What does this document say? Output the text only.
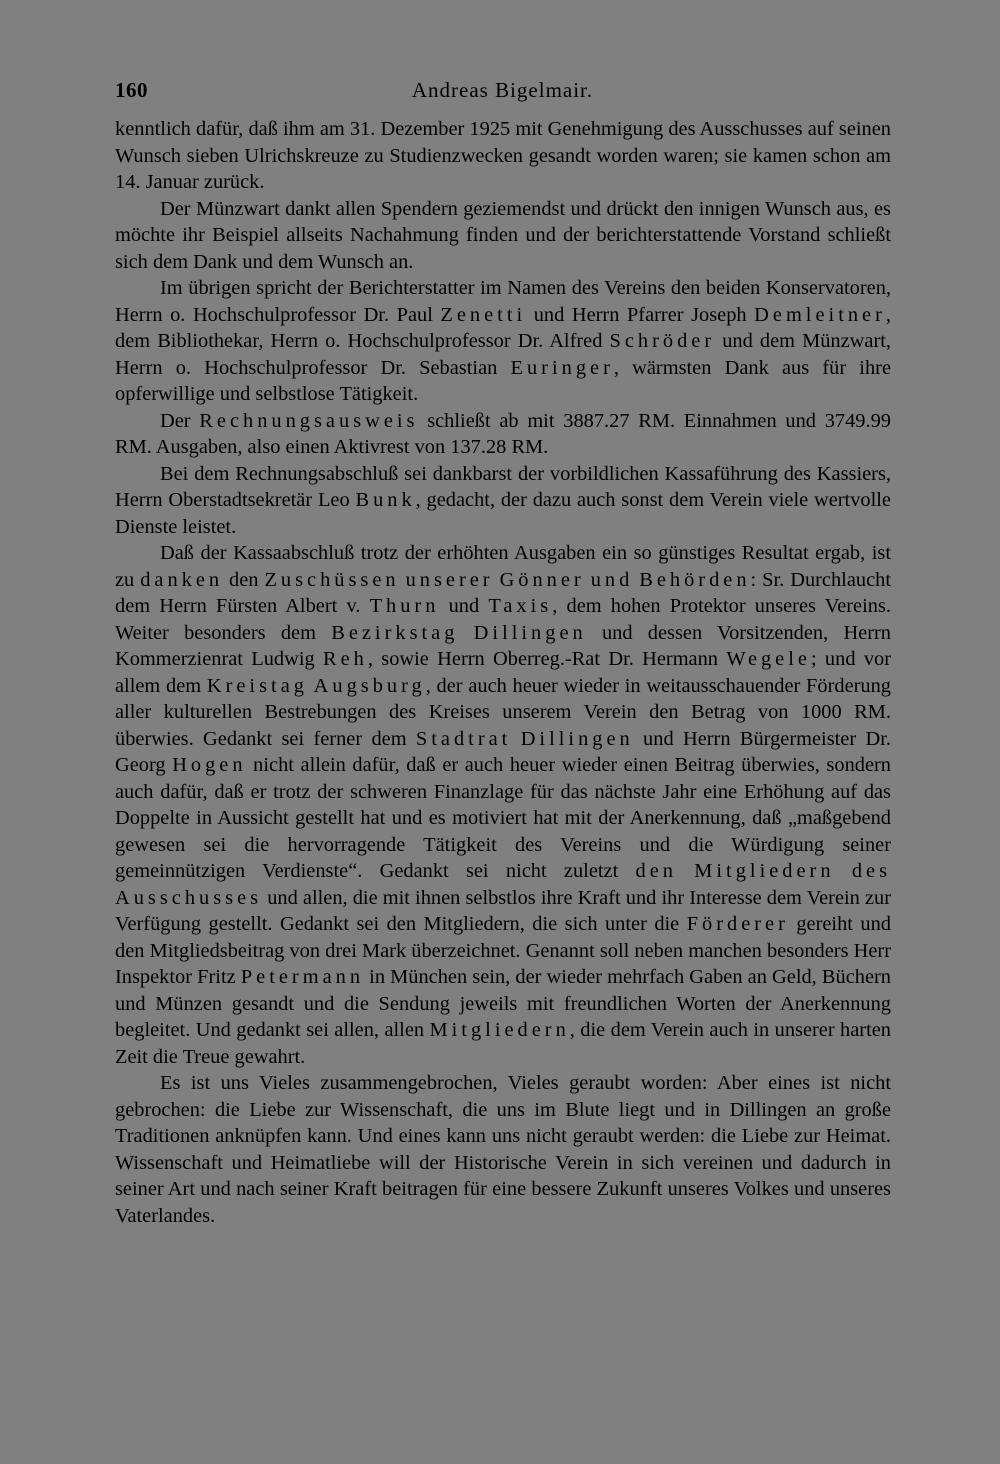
160	Andreas Bigelmair.

kenntlich dafür, daß ihm am 31. Dezember 1925 mit Genehmigung des Ausschusses auf seinen Wunsch sieben Ulrichskreuze zu Studienzwecken gesandt worden waren; sie kamen schon am 14. Januar zurück.

Der Münzwart dankt allen Spendern geziemendst und drückt den innigen Wunsch aus, es möchte ihr Beispiel allseits Nachahmung finden und der berichterstattende Vorstand schließt sich dem Dank und dem Wunsch an.

Im übrigen spricht der Berichterstatter im Namen des Vereins den beiden Konservatoren, Herrn o. Hochschulprofessor Dr. Paul Zenetti und Herrn Pfarrer Joseph Demleitner, dem Bibliothekar, Herrn o. Hochschulprofessor Dr. Alfred Schröder und dem Münzwart, Herrn o. Hochschulprofessor Dr. Sebastian Euringer, wärmsten Dank aus für ihre opferwillige und selbstlose Tätigkeit.

Der Rechnungsausweis schließt ab mit 3887.27 RM. Einnahmen und 3749.99 RM. Ausgaben, also einen Aktivrest von 137.28 RM.

Bei dem Rechnungsabschluß sei dankbarst der vorbildlichen Kassaführung des Kassiers, Herrn Oberstadtsekretär Leo Bunk, gedacht, der dazu auch sonst dem Verein viele wertvolle Dienste leistet.

Daß der Kassaabschluß trotz der erhöhten Ausgaben ein so günstiges Resultat ergab, ist zu danken den Zuschüssen unserer Gönner und Behörden: Sr. Durchlaucht dem Herrn Fürsten Albert v. Thurn und Taxis, dem hohen Protektor unseres Vereins. Weiter besonders dem Bezirkstag Dillingen und dessen Vorsitzenden, Herrn Kommerzienrat Ludwig Reh, sowie Herrn Oberreg.-Rat Dr. Hermann Wegele; und vor allem dem Kreistag Augsburg, der auch heuer wieder in weitausschauender Förderung aller kulturellen Bestrebungen des Kreises unserem Verein den Betrag von 1000 RM. überwies. Gedankt sei ferner dem Stadtrat Dillingen und Herrn Bürgermeister Dr. Georg Hogen nicht allein dafür, daß er auch heuer wieder einen Beitrag überwies, sondern auch dafür, daß er trotz der schweren Finanzlage für das nächste Jahr eine Erhöhung auf das Doppelte in Aussicht gestellt hat und es motiviert hat mit der Anerkennung, daß „maßgebend gewesen sei die hervorragende Tätigkeit des Vereins und die Würdigung seiner gemeinnützigen Verdienste“. Gedankt sei nicht zuletzt den Mitgliedern des Ausschusses und allen, die mit ihnen selbstlos ihre Kraft und ihr Interesse dem Verein zur Verfügung gestellt. Gedankt sei den Mitgliedern, die sich unter die Förderer gereiht und den Mitgliedsbeitrag von drei Mark überzeichnet. Genannt soll neben manchen besonders Herr Inspektor Fritz Petermann in München sein, der wieder mehrfach Gaben an Geld, Büchern und Münzen gesandt und die Sendung jeweils mit freundlichen Worten der Anerkennung begleitet. Und gedankt sei allen, allen Mitgliedern, die dem Verein auch in unserer harten Zeit die Treue gewahrt.

Es ist uns Vieles zusammengebrochen, Vieles geraubt worden: Aber eines ist nicht gebrochen: die Liebe zur Wissenschaft, die uns im Blute liegt und in Dillingen an große Traditionen anknüpfen kann. Und eines kann uns nicht geraubt werden: die Liebe zur Heimat. Wissenschaft und Heimatliebe will der Historische Verein in sich vereinen und dadurch in seiner Art und nach seiner Kraft beitragen für eine bessere Zukunft unseres Volkes und unseres Vaterlandes.
